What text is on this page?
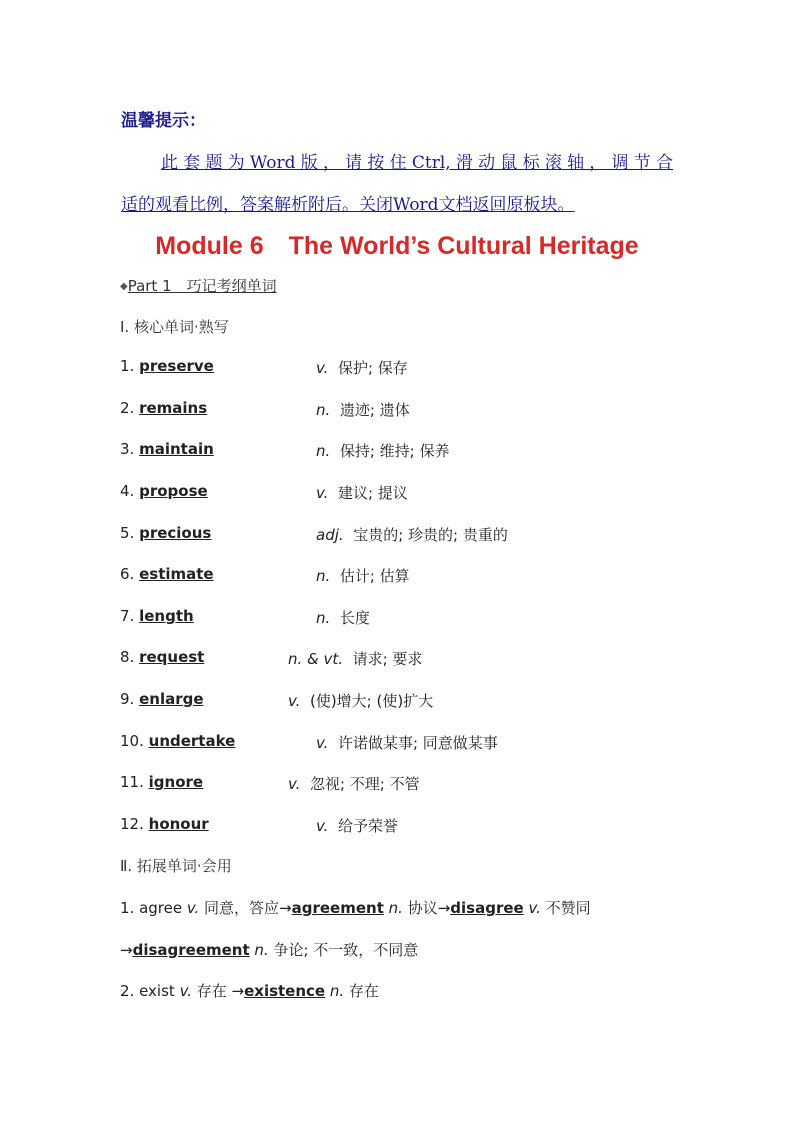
温馨提示：
此套题为Word版，请按住Ctrl,滑动鼠标滚轴，调节合
适的观看比例，答案解析附后。关闭Word文档返回原板块。
Module 6　The World’s Cultural Heritage
◆Part 1　巧记考纲单词
Ⅰ. 核心单词·熟写
1. preserve	v. 保护; 保存
2. remains	n. 遗迹; 遗体
3. maintain	n. 保持; 维持; 保养
4. propose	v. 建议; 提议
5. precious	adj. 宝贵的; 珍贵的; 贵重的
6. estimate	n. 估计; 估算
7. length	n. 长度
8. request	n. & vt. 请求; 要求
9. enlarge	v. (使)增大; (使)扩大
10. undertake	v. 许诺做某事; 同意做某事
11. ignore	v. 忽视; 不理; 不管
12. honour	v. 给予荣誉
Ⅱ. 拓展单词·会用
1. agree v. 同意，答应→agreement n. 协议→disagree v. 不赞同
→disagreement n. 争论; 不一致，不同意
2. exist v. 存在 →existence n. 存在
